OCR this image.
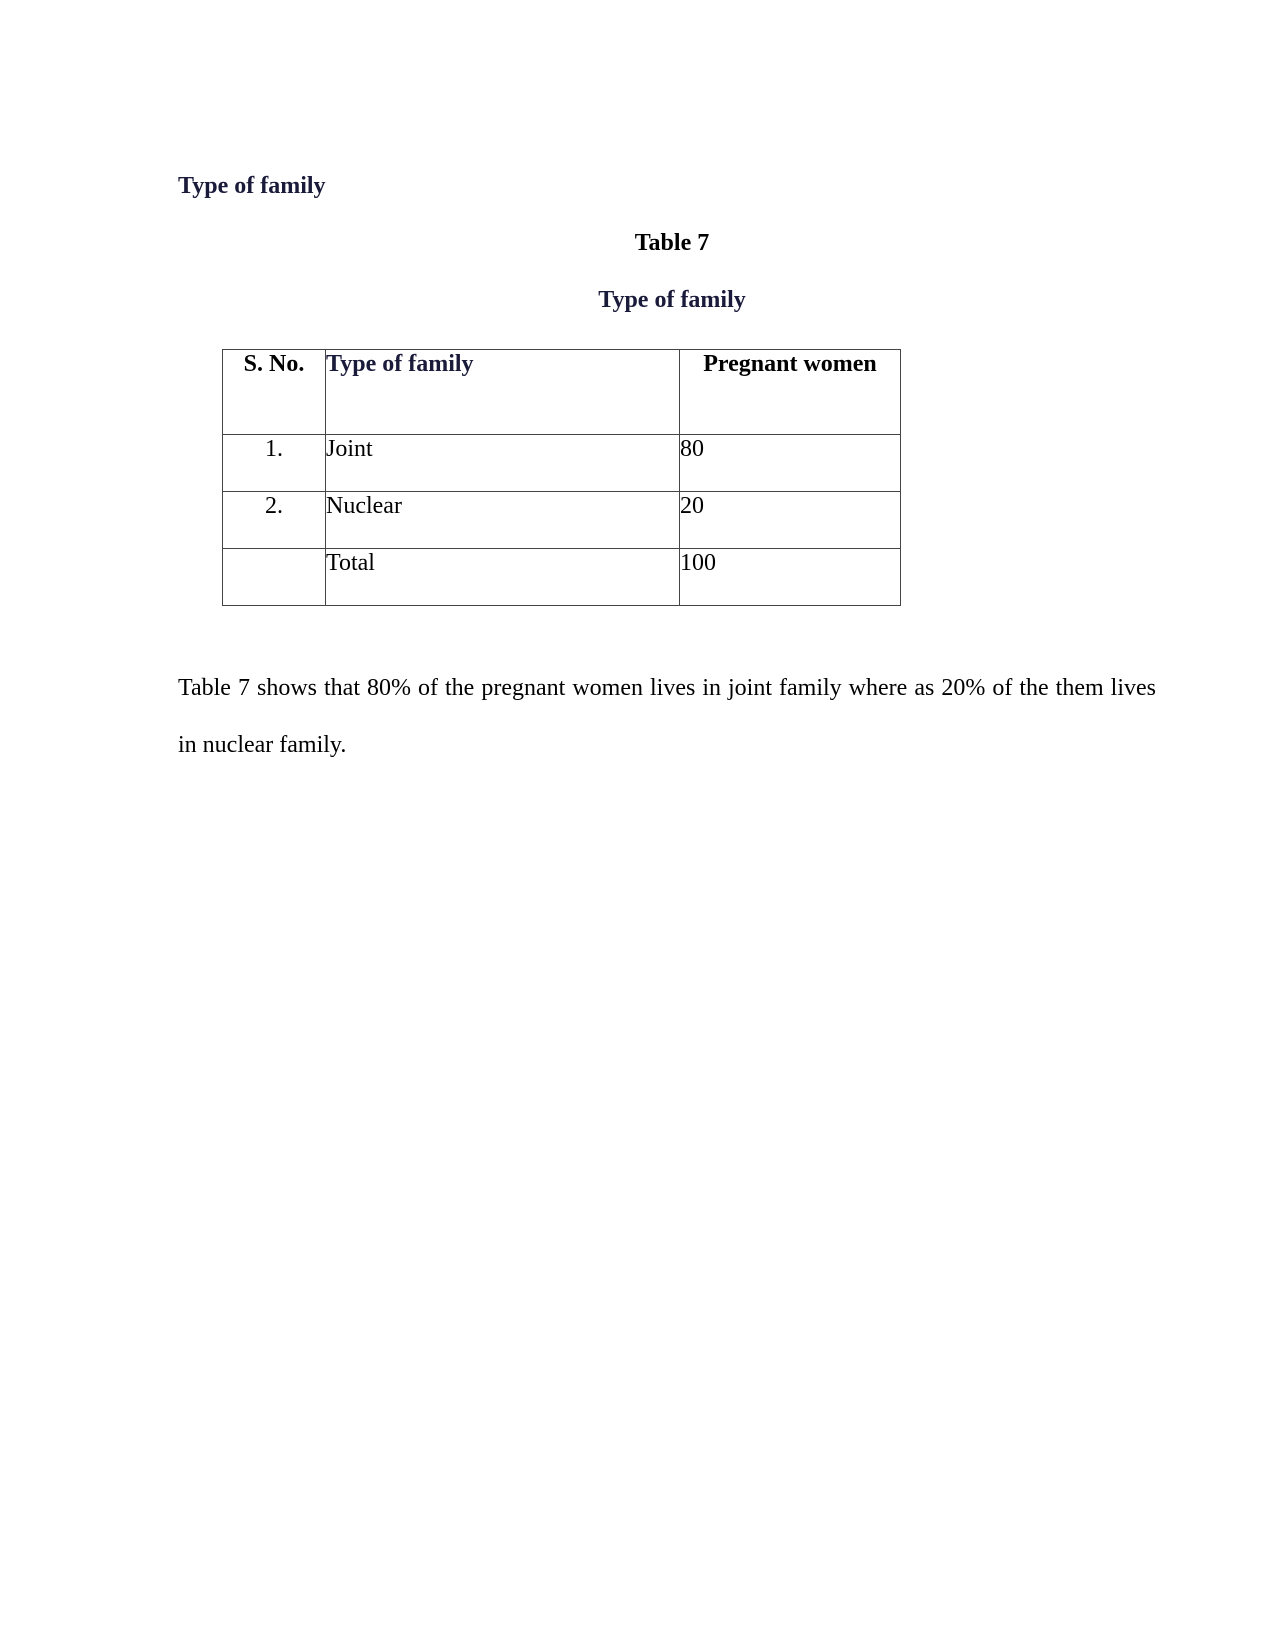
Type of family
Table 7
Type of family
S. No.	Type of family	Pregnant women
1.	Joint	80
2.	Nuclear	20
	Total	100

Table 7 shows that 80% of the pregnant women lives in joint family where as 20% of the them lives in nuclear family.
